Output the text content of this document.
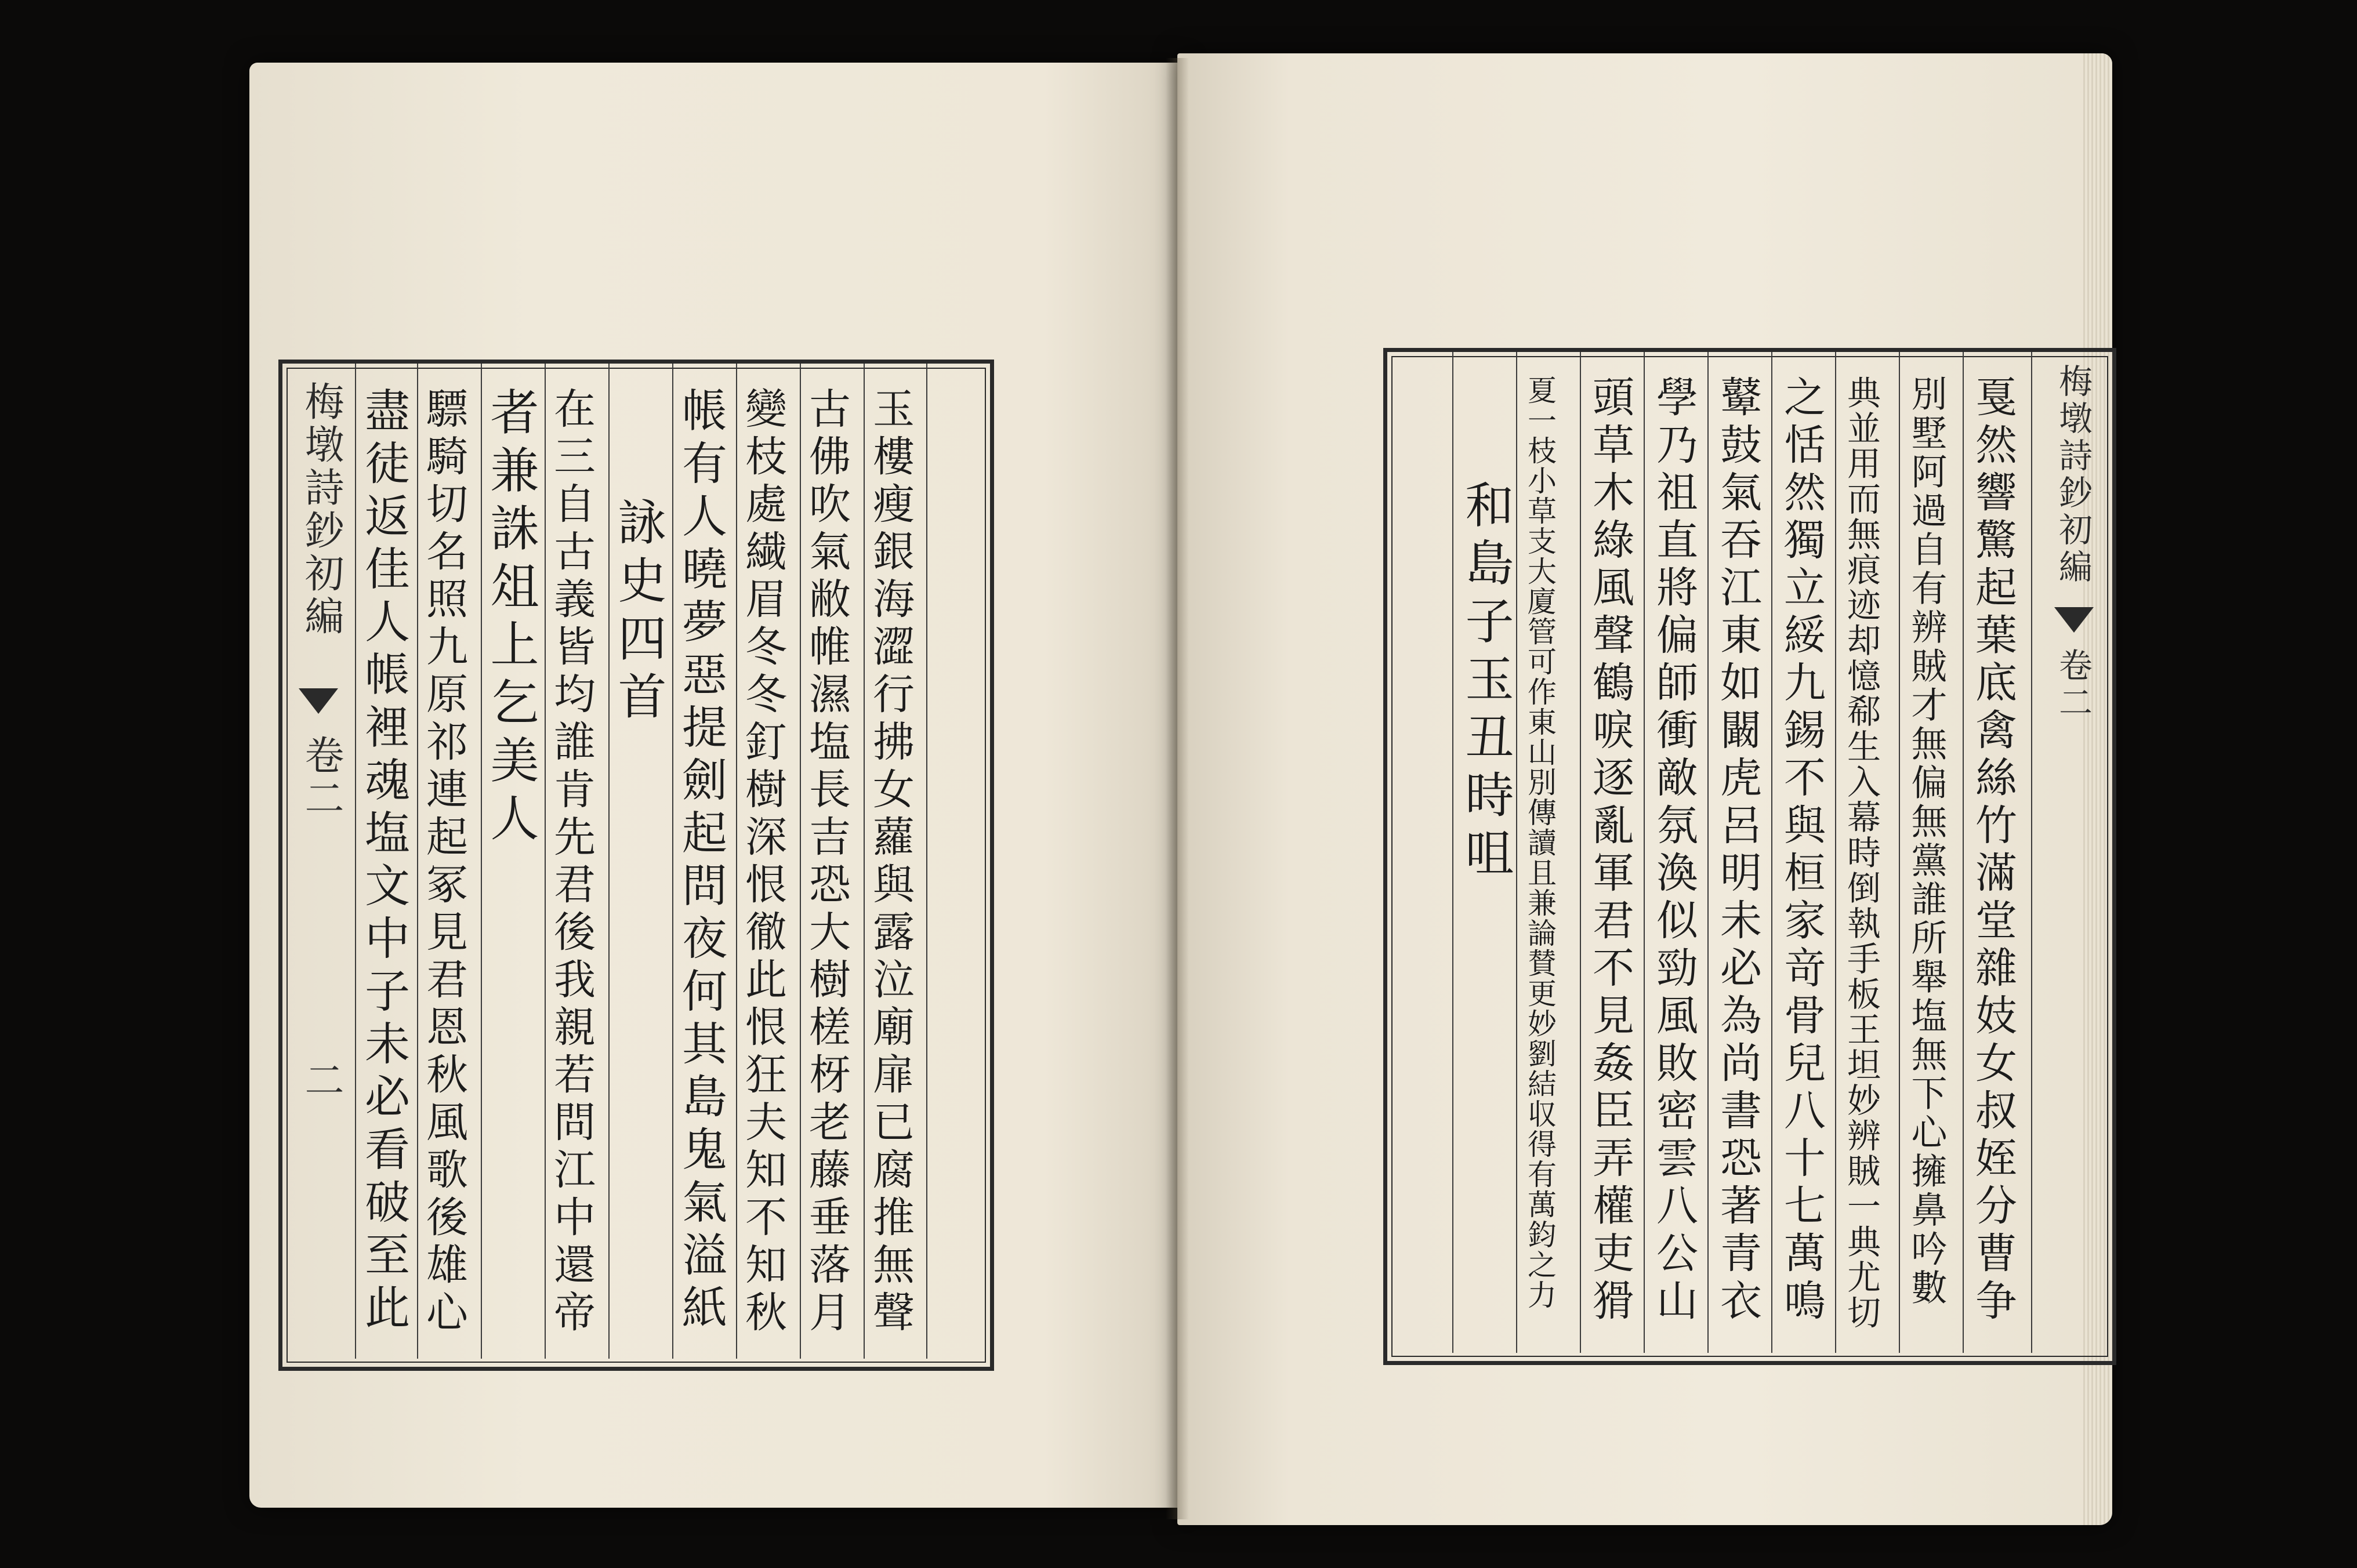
梅墩詩鈔初編
卷二
二	玉樓瘦銀海澀行拂女蘿與露泣廟扉已腐推無聲
古佛吹氣敝帷濕塩長吉恐大樹槎枒老藤垂落月
變枝處繊眉冬冬釘樹深恨徹此恨狂夫知不知秋
帳有人曉夢惡提劍起問夜何其島鬼氣溢紙
詠史四首
在三自古義皆均誰肯先君後我親若問江中還帝
者兼誅俎上乞美人
驃騎切名照九原祁連起冢見君恩秋風歌後雄心
盡徒返佳人帳裡魂塩文中子未必看破至此	戛然響驚起葉底禽絲竹滿堂雜妓女叔姪分曹争
別墅阿過自有辨賊才無偏無黨誰所舉塩無下心擁鼻吟數
典並用而無痕迹却憶郗生入幕時倒執手板王坦妙辨賊一典尤切
之恬然獨立綏九錫不與桓家竒骨兒八十七萬鳴
鼙鼓氣吞江東如闞虎呂明未必為尚書恐著青衣
學乃祖直將偏師衝敵氛渙似勁風敗密雲八公山
頭草木綠風聲鶴唳逐亂軍君不見姦臣弄權吏猾
夏一枝小草支大廈管可作東山別傳讀且兼論賛更妙劉結収得有萬鈞之力
和島子玉丑時咀
梅墩詩鈔初編
卷二
